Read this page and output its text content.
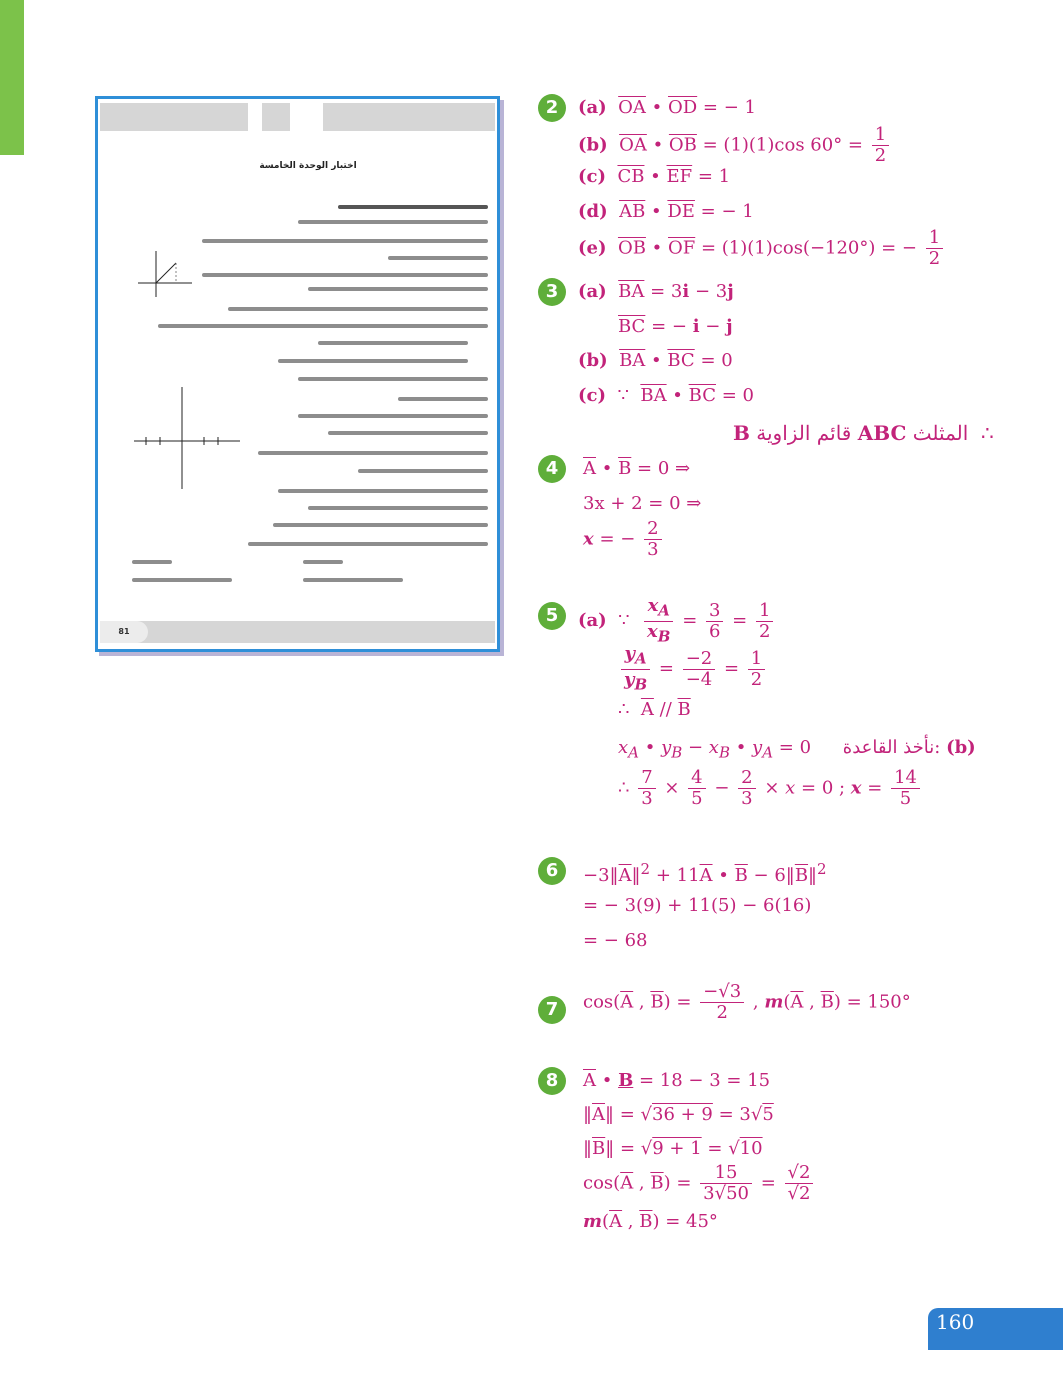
اختبار الوحدة الخامسة
81
2	(a) $\overline{OA}$ • $\overline{OD}$ = − 1
(b) $\overline{OA}$ • $\overline{OB} = (1)(1)\cos$ $60^\circ = \frac{1}{2}$
(c) $\overline{CB}$ • $\overline{EF} = 1$
(d) $\overline{AB}$ • $\overline{DE}$ = − 1
(e) $\overline{OB}$ • $\overline{OF} = (1)(1)\cos(-120^\circ)$ = − $\frac{1}{2}$
3	(a) $\overline{BA} = 3i - 3j$
$\overline{BC}$ = − i − j
(b) $\overline{BA}$ • $\overline{BC} = 0$
(c)  ∵  $\overline{BA}$ • $\overline{BC} = 0$
∴  المثلث ABC قائم الزاوية B
4	$\overline{A}$ • $\overline{B} = 0$ ⇒
3x + 2 = 0 ⇒
x = − $\frac{2}{3}$
5	(a)  ∵ $\frac{x_A}{x_B} = \frac{3}{6} = \frac{1}{2}$
$\frac{y_A}{y_B} = \frac{-2}{-4} = \frac{1}{2}$
∴  $\overline{A} // \overline{B}$
$x_A$ • $y_B - x_B$ • $y_A = 0$ نأخذ القاعدة: (b)
∴ $\frac{7}{3} \times \frac{4}{5} - \frac{2}{3} \times x = 0$ ; $x = \frac{14}{5}$
6	$-3‖\overline{A}‖^2 + 11\overline{A}$ • $\overline{B}$ − $6‖\overline{B}‖^2$
= − 3(9) + 11(5) − 6(16)
= − 68
7	$\cos(\overline{A}$ , $\overline{B}) = \frac{-√3}{2}$ , $m(\overline{A}$ , $\overline{B}) = 150^\circ$
8	$\overline{A}$ • B = 18 − 3 = 15
$‖\overline{A}‖ = √36 + 9 = 3√5$
$‖\overline{B}‖ = √9 + 1 = √10$
$\cos(\overline{A}$ , $\overline{B}) = \frac{15}{3√50} = \frac{√2}{√2}$
$m(\overline{A}$ , $\overline{B}) = 45^\circ$
160
